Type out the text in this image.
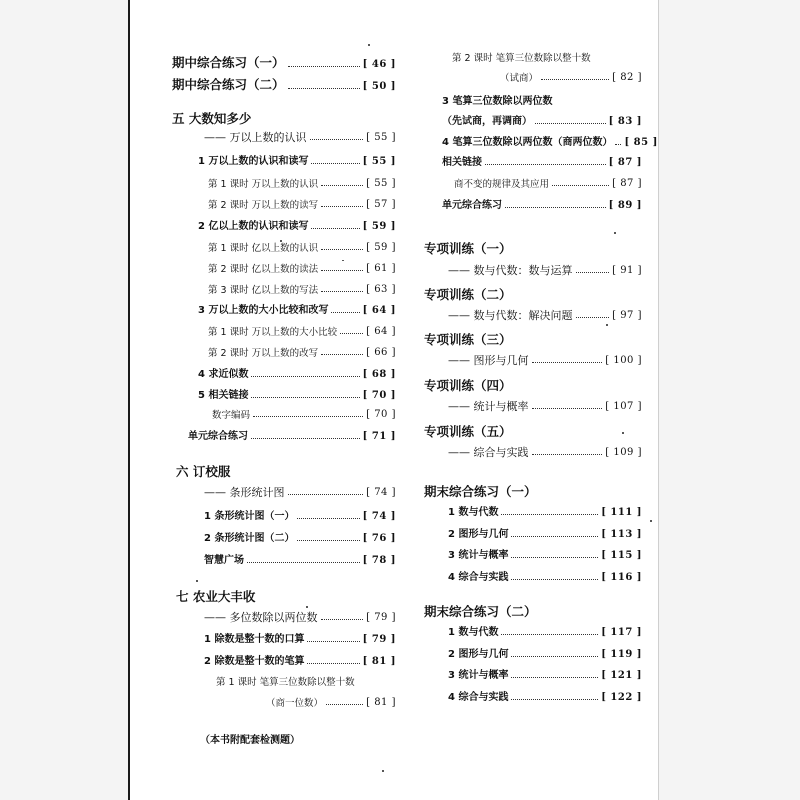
期中综合练习（一）	[ 46 ]
期中综合练习（二）	[ 50 ]
五 大数知多少
—— 万以上数的认识	[ 55 ]
1 万以上数的认识和读写	[ 55 ]
第 1 课时 万以上数的认识	[ 55 ]
第 2 课时 万以上数的读写	[ 57 ]
2 亿以上数的认识和读写	[ 59 ]
第 1 课时 亿以上数的认识	[ 59 ]
第 2 课时 亿以上数的读法	[ 61 ]
第 3 课时 亿以上数的写法	[ 63 ]
3 万以上数的大小比较和改写	[ 64 ]
第 1 课时 万以上数的大小比较	[ 64 ]
第 2 课时 万以上数的改写	[ 66 ]
4 求近似数	[ 68 ]
5 相关链接	[ 70 ]
数字编码	[ 70 ]
单元综合练习	[ 71 ]
六 订校服
—— 条形统计图	[ 74 ]
1 条形统计图（一）	[ 74 ]
2 条形统计图（二）	[ 76 ]
智慧广场	[ 78 ]
七 农业大丰收
—— 多位数除以两位数	[ 79 ]
1 除数是整十数的口算	[ 79 ]
2 除数是整十数的笔算	[ 81 ]
第 1 课时 笔算三位数除以整十数
（商一位数）	[ 81 ]
（本书附配套检测题）
第 2 课时 笔算三位数除以整十数
（试商）	[ 82 ]
3 笔算三位数除以两位数
（先试商，再调商）	[ 83 ]
4 笔算三位数除以两位数（商两位数） [ 85 ]
相关链接	[ 87 ]
商不变的规律及其应用	[ 87 ]
单元综合练习	[ 89 ]
专项训练（一）
—— 数与代数：数与运算	[ 91 ]
专项训练（二）
—— 数与代数：解决问题	[ 97 ]
专项训练（三）
—— 图形与几何	[ 100 ]
专项训练（四）
—— 统计与概率	[ 107 ]
专项训练（五）
—— 综合与实践	[ 109 ]
期末综合练习（一）
1 数与代数	[ 111 ]
2 图形与几何	[ 113 ]
3 统计与概率	[ 115 ]
4 综合与实践	[ 116 ]
期末综合练习（二）
1 数与代数	[ 117 ]
2 图形与几何	[ 119 ]
3 统计与概率	[ 121 ]
4 综合与实践	[ 122 ]
